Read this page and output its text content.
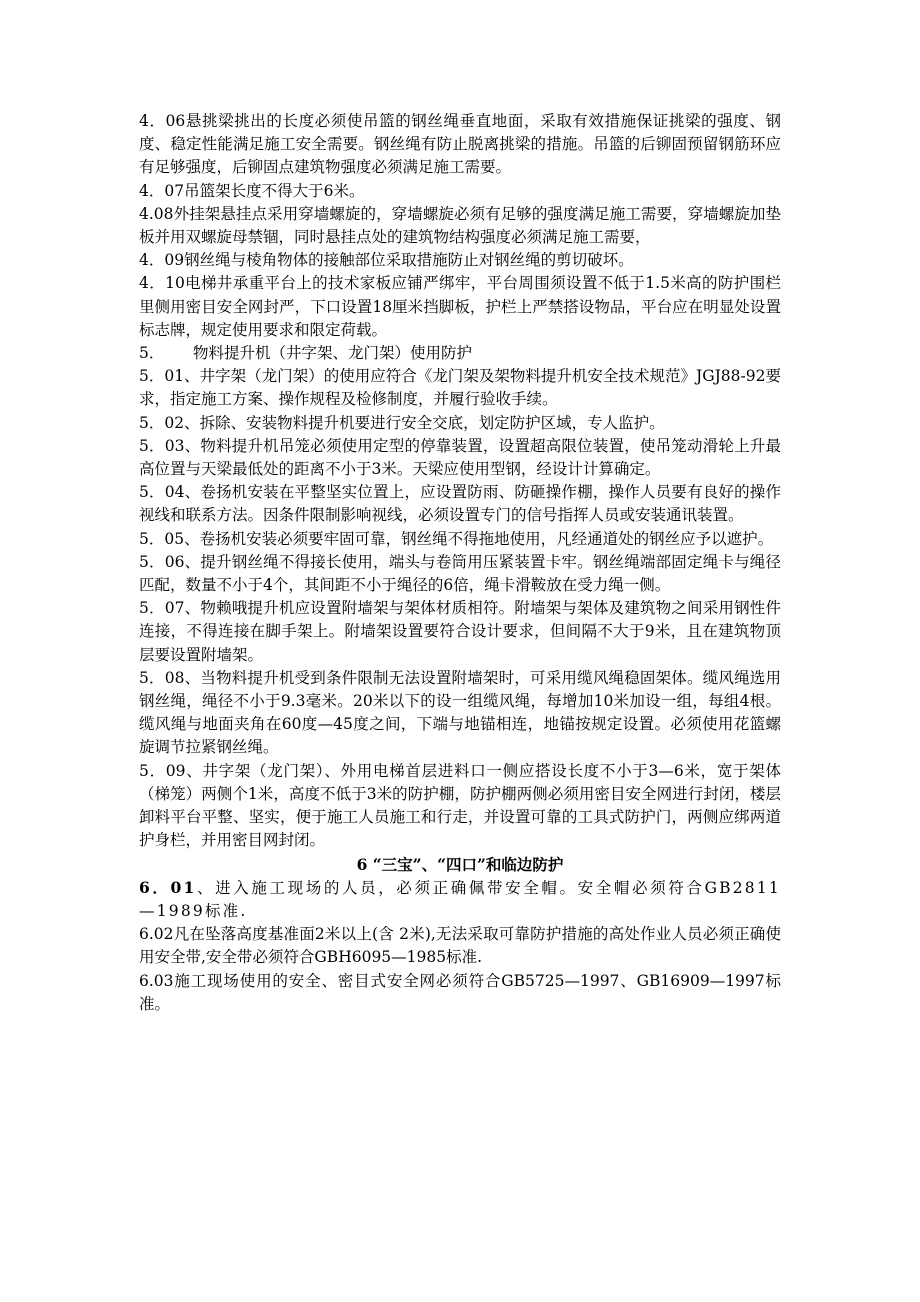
4．06悬挑梁挑出的长度必须使吊篮的钢丝绳垂直地面，采取有效措施保证挑梁的强度、钢度、稳定性能满足施工安全需要。钢丝绳有防止脱离挑梁的措施。吊篮的后铆固预留钢筋环应有足够强度，后铆固点建筑物强度必须满足施工需要。

4．07吊篮架长度不得大于6米。

4.08外挂架悬挂点采用穿墙螺旋的，穿墙螺旋必须有足够的强度满足施工需要，穿墙螺旋加垫板并用双螺旋母禁锢，同时悬挂点处的建筑物结构强度必须满足施工需要，

4．09钢丝绳与棱角物体的接触部位采取措施防止对钢丝绳的剪切破坏。

4．10电梯井承重平台上的技术家板应铺严绑牢，平台周围须设置不低于1.5米高的防护围栏里侧用密目安全网封严，下口设置18厘米挡脚板，护栏上严禁搭设物品，平台应在明显处设置标志牌，规定使用要求和限定荷载。

5． 物料提升机（井字架、龙门架）使用防护

5．01、井字架（龙门架）的使用应符合《龙门架及架物料提升机安全技术规范》JGJ88-92要求，指定施工方案、操作规程及检修制度，并履行验收手续。

5．02、拆除、安装物料提升机要进行安全交底，划定防护区域，专人监护。

5．03、物料提升机吊笼必须使用定型的停靠装置，设置超高限位装置，使吊笼动滑轮上升最高位置与天梁最低处的距离不小于3米。天梁应使用型钢，经设计计算确定。

5．04、卷扬机安装在平整坚实位置上，应设置防雨、防砸操作棚，操作人员要有良好的操作视线和联系方法。因条件限制影响视线，必须设置专门的信号指挥人员或安装通讯装置。

5．05、卷扬机安装必须要牢固可靠，钢丝绳不得拖地使用，凡经通道处的钢丝应予以遮护。

5．06、提升钢丝绳不得接长使用，端头与卷筒用压紧装置卡牢。钢丝绳端部固定绳卡与绳径匹配，数量不小于4个，其间距不小于绳径的6倍，绳卡滑鞍放在受力绳一侧。

5．07、物赖哦提升机应设置附墙架与架体材质相符。附墙架与架体及建筑物之间采用钢性件连接，不得连接在脚手架上。附墙架设置要符合设计要求，但间隔不大于9米，且在建筑物顶层要设置附墙架。

5．08、当物料提升机受到条件限制无法设置附墙架时，可采用缆风绳稳固架体。缆风绳选用钢丝绳，绳径不小于9.3毫米。20米以下的设一组缆风绳，每增加10米加设一组，每组4根。缆风绳与地面夹角在60度—45度之间，下端与地锚相连，地锚按规定设置。必须使用花篮螺旋调节拉紧钢丝绳。

5．09、井字架（龙门架）、外用电梯首层进料口一侧应搭设长度不小于3—6米，宽于架体（梯笼）两侧个1米，高度不低于3米的防护棚，防护棚两侧必须用密目安全网进行封闭，楼层卸料平台平整、坚实，便于施工人员施工和行走，并设置可靠的工具式防护门，两侧应绑两道护身栏，并用密目网封闭。

6 “三宝”、“四口”和临边防护

6．01、进入施工现场的人员，必须正确佩带安全帽。安全帽必须符合GB2811—1989标准.

6.02凡在坠落高度基准面2米以上(含 2米),无法采取可靠防护措施的高处作业人员必须正确使用安全带,安全带必须符合GBH6095—1985标准.

6.03施工现场使用的安全、密目式安全网必须符合GB5725—1997、GB16909—1997标准。
